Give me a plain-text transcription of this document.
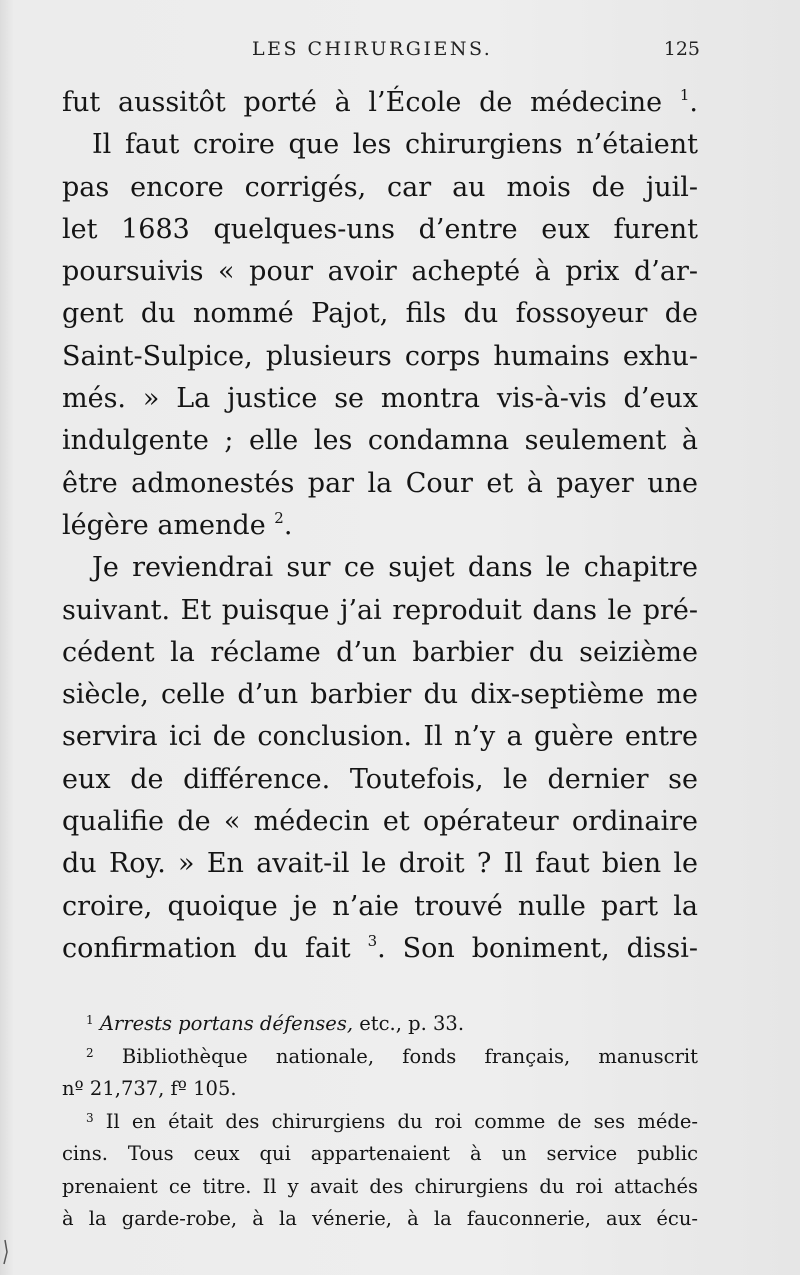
LES CHIRURGIENS.	125
fut aussitôt porté à l’École de médecine $^1$.
Il faut croire que les chirurgiens n’étaient
pas encore corrigés, car au mois de juil-
let 1683 quelques-uns d’entre eux furent
poursuivis « pour avoir achepté à prix d’ar-
gent du nommé Pajot, fils du fossoyeur de
Saint-Sulpice, plusieurs corps humains exhu-
més. » La justice se montra vis-à-vis d’eux
indulgente ; elle les condamna seulement à
être admonestés par la Cour et à payer une
légère amende $^2$.
Je reviendrai sur ce sujet dans le chapitre
suivant. Et puisque j’ai reproduit dans le pré-
cédent la réclame d’un barbier du seizième
siècle, celle d’un barbier du dix-septième me
servira ici de conclusion. Il n’y a guère entre
eux de différence. Toutefois, le dernier se
qualifie de « médecin et opérateur ordinaire
du Roy. » En avait-il le droit ? Il faut bien le
croire, quoique je n’aie trouvé nulle part la
confirmation du fait $^3$. Son boniment, dissi-
$^1$ Arrests portans défenses, etc., p. 33.
$^2$ Bibliothèque nationale, fonds français, manuscrit
nº 21,737, fº 105.
$^3$ Il en était des chirurgiens du roi comme de ses méde-
cins. Tous ceux qui appartenaient à un service public
prenaient ce titre. Il y avait des chirurgiens du roi attachés
à la garde-robe, à la vénerie, à la fauconnerie, aux écu-
